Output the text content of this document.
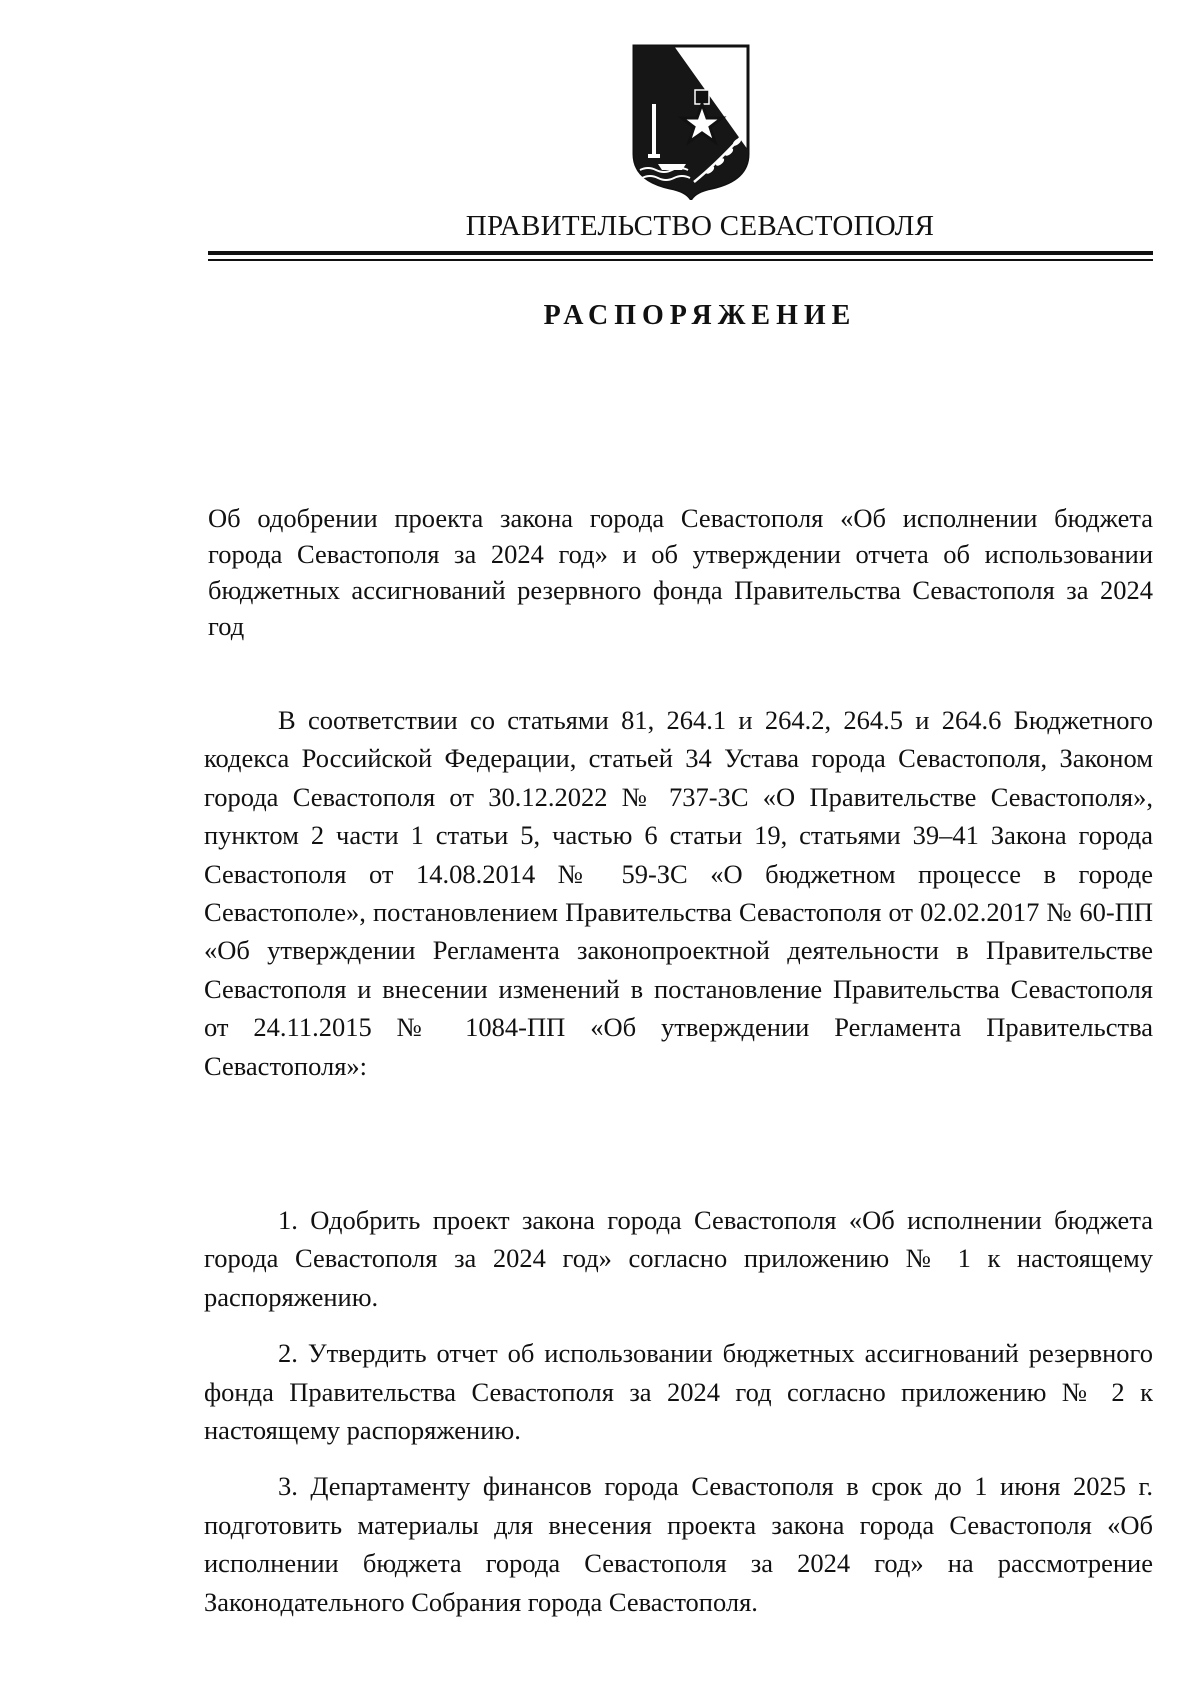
ПРАВИТЕЛЬСТВО СЕВАСТОПОЛЯ
РАСПОРЯЖЕНИЕ
Об одобрении проекта закона города Севастополя «Об исполнении бюджета города Севастополя за 2024 год» и об утверждении отчета об использовании бюджетных ассигнований резервного фонда Правительства Севастополя за 2024 год
В соответствии со статьями 81, 264.1 и 264.2, 264.5 и 264.6 Бюджетного кодекса Российской Федерации, статьей 34 Устава города Севастополя, Законом города Севастополя от 30.12.2022 № 737-ЗС «О Правительстве Севастополя», пунктом 2 части 1 статьи 5, частью 6 статьи 19, статьями 39–41 Закона города Севастополя от 14.08.2014 № 59-ЗС «О бюджетном процессе в городе Севастополе», постановлением Правительства Севастополя от 02.02.2017 № 60-ПП «Об утверждении Регламента законопроектной деятельности в Правительстве Севастополя и внесении изменений в постановление Правительства Севастополя от 24.11.2015 № 1084-ПП «Об утверждении Регламента Правительства Севастополя»:

1. Одобрить проект закона города Севастополя «Об исполнении бюджета города Севастополя за 2024 год» согласно приложению № 1 к настоящему распоряжению.

2. Утвердить отчет об использовании бюджетных ассигнований резервного фонда Правительства Севастополя за 2024 год согласно приложению № 2 к настоящему распоряжению.

3. Департаменту финансов города Севастополя в срок до 1 июня 2025 г. подготовить материалы для внесения проекта закона города Севастополя «Об исполнении бюджета города Севастополя за 2024 год» на рассмотрение Законодательного Собрания города Севастополя.
